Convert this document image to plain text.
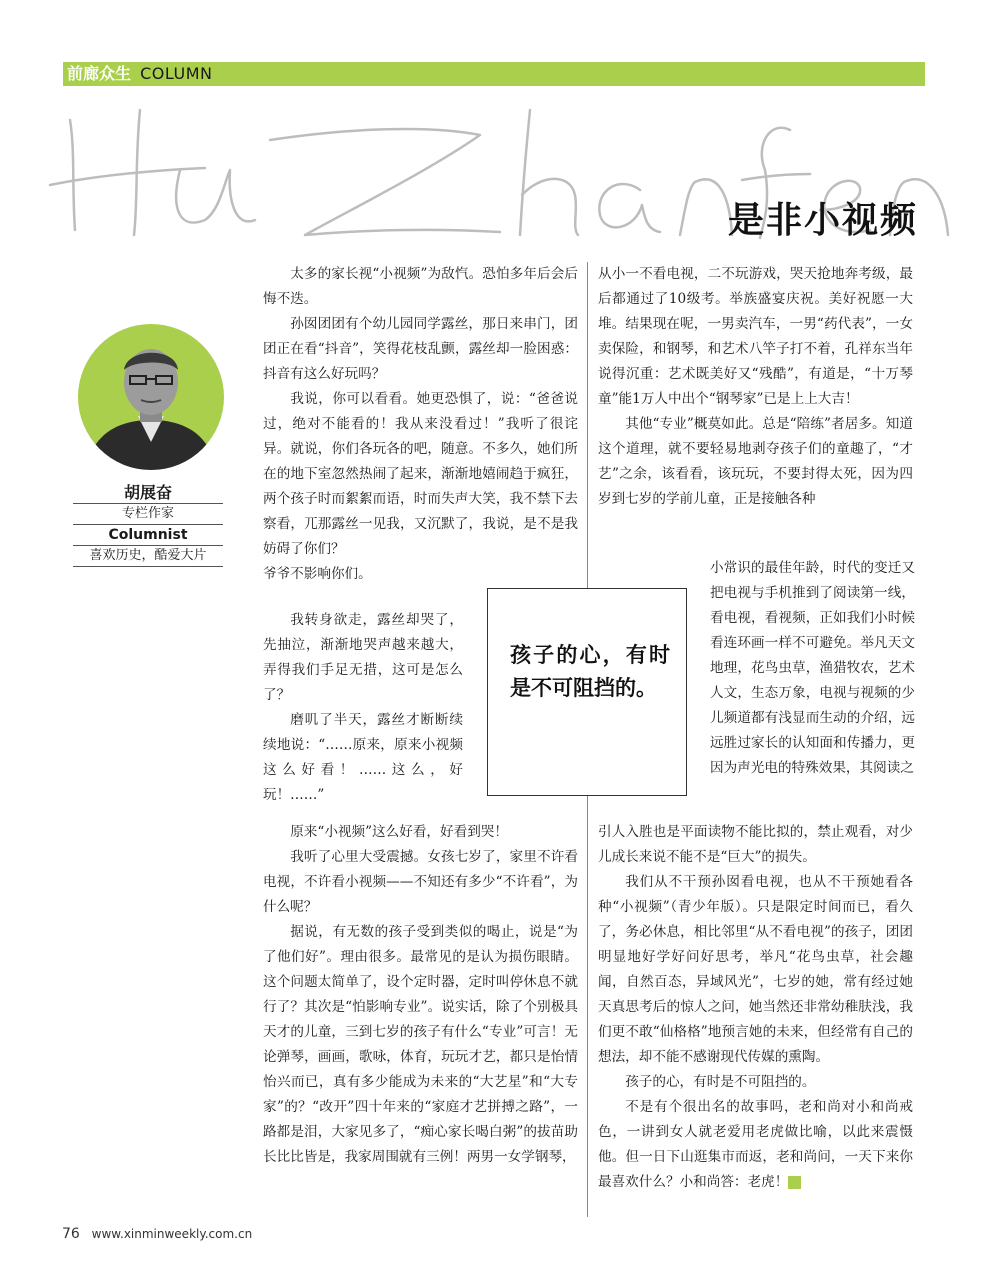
前廊众生 COLUMN
是非小视频
胡展奋
专栏作家
Columnist
喜欢历史，酷爱大片

太多的家长视“小视频”为敌忾。恐怕多年后会后悔不迭。

孙囡团团有个幼儿园同学露丝，那日来串门，团团正在看“抖音”，笑得花枝乱颤，露丝却一脸困惑：抖音有这么好玩吗？

我说，你可以看看。她更恐惧了，说：“爸爸说过，绝对不能看的！我从来没看过！”我听了很诧异。就说，你们各玩各的吧，随意。不多久，她们所在的地下室忽然热闹了起来，渐渐地嬉闹趋于疯狂，两个孩子时而絮絮而语，时而失声大笑，我不禁下去察看，兀那露丝一见我，又沉默了，我说，是不是我妨碍了你们？

爷爷不影响你们。

我转身欲走，露丝却哭了，先抽泣，渐渐地哭声越来越大，弄得我们手足无措，这可是怎么了？

磨叽了半天，露丝才断断续续地说：“……原来，原来小视频这么好看！……这么，好玩！……”

原来“小视频”这么好看，好看到哭！

我听了心里大受震撼。女孩七岁了，家里不许看电视，不许看小视频——不知还有多少“不许看”，为什么呢？

据说，有无数的孩子受到类似的喝止，说是“为了他们好”。理由很多。最常见的是认为损伤眼睛。这个问题太简单了，设个定时器，定时叫停休息不就行了？其次是“怕影响专业”。说实话，除了个别极具天才的儿童，三到七岁的孩子有什么“专业”可言！无论弹琴，画画，歌咏，体育，玩玩才艺，都只是怡情怡兴而已，真有多少能成为未来的“大艺星”和“大专家”的？“改开”四十年来的“家庭才艺拼搏之路”，一路都是泪，大家见多了，“痴心家长喝白粥”的拔苗助长比比皆是，我家周围就有三例！两男一女学钢琴，

从小一不看电视，二不玩游戏，哭天抢地奔考级，最后都通过了10级考。举族盛宴庆祝。美好祝愿一大堆。结果现在呢，一男卖汽车，一男“药代表”，一女卖保险，和钢琴，和艺术八竿子打不着，孔祥东当年说得沉重：艺术既美好又“残酷”，有道是，“十万琴童”能1万人中出个“钢琴家”已是上上大吉！

其他“专业”概莫如此。总是“陪练”者居多。知道这个道理，就不要轻易地剥夺孩子们的童趣了，“才艺”之余，该看看，该玩玩，不要封得太死，因为四岁到七岁的学前儿童，正是接触各种

小常识的最佳年龄，时代的变迁又把电视与手机推到了阅读第一线，看电视，看视频，正如我们小时候看连环画一样不可避免。举凡天文地理，花鸟虫草，渔猎牧农，艺术人文，生态万象，电视与视频的少儿频道都有浅显而生动的介绍，远远胜过家长的认知面和传播力，更因为声光电的特殊效果，其阅读之

引人入胜也是平面读物不能比拟的，禁止观看，对少儿成长来说不能不是“巨大”的损失。

我们从不干预孙囡看电视，也从不干预她看各种“小视频”（青少年版）。只是限定时间而已，看久了，务必休息，相比邻里“从不看电视”的孩子，团团明显地好学好问好思考，举凡“花鸟虫草，社会趣闻，自然百态，异域风光”，七岁的她，常有经过她天真思考后的惊人之问，她当然还非常幼稚肤浅，我们更不敢“仙格格”地预言她的未来，但经常有自己的想法，却不能不感谢现代传媒的熏陶。

孩子的心，有时是不可阻挡的。

不是有个很出名的故事吗，老和尚对小和尚戒色，一讲到女人就老爱用老虎做比喻，以此来震慑他。但一日下山逛集市而返，老和尚问，一天下来你最喜欢什么？小和尚答：老虎！	民

孩子的心，有时是不可阻挡的。
76 www.xinminweekly.com.cn
